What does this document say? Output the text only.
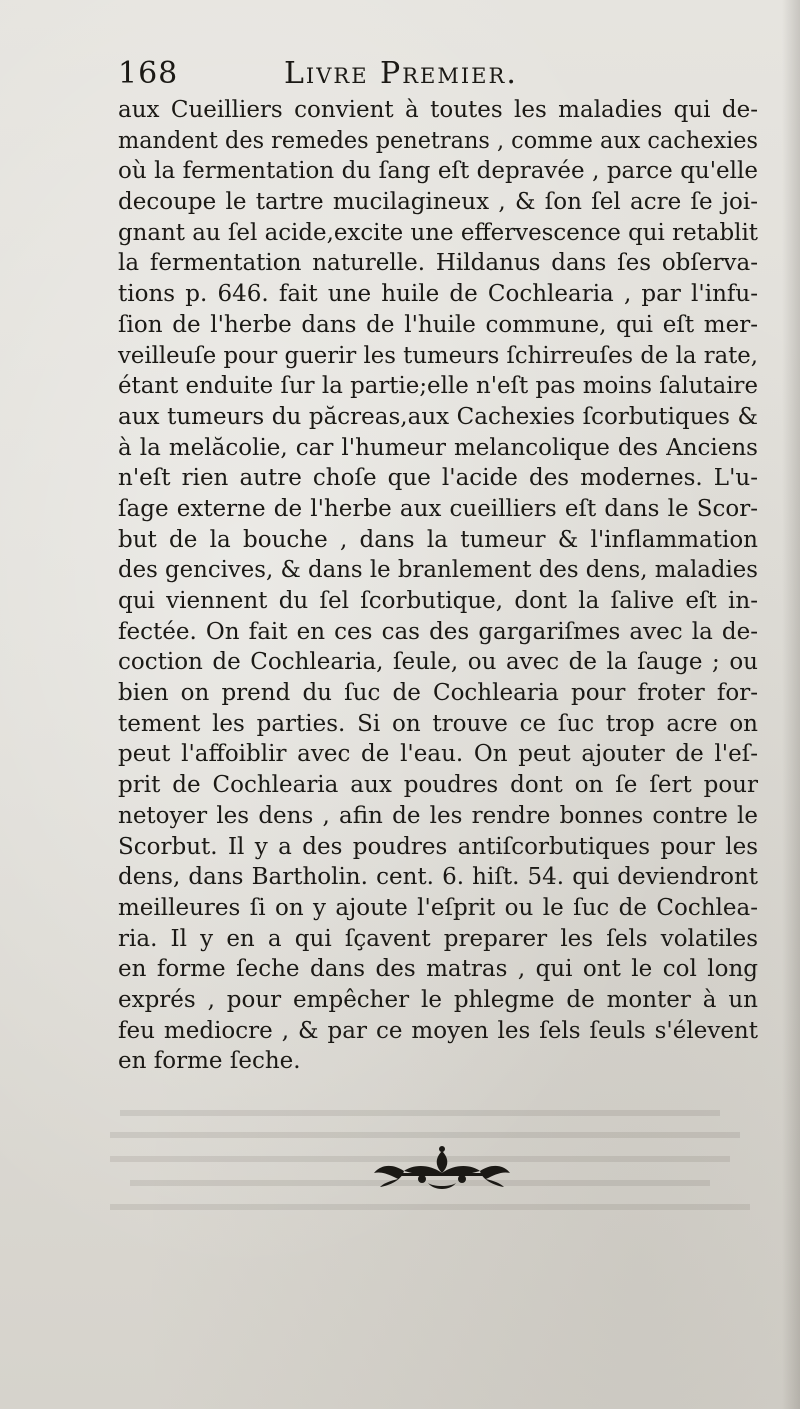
168	Livre Premier.
aux Cueilliers convient à toutes les maladies qui de-
mandent des remedes penetrans , comme aux cachexies
où la fermentation du ſang eſt depravée , parce qu'elle
decoupe le tartre mucilagineux , & ſon ſel acre ſe joi-
gnant au ſel acide,excite une effervescence qui retablit
la fermentation naturelle. Hildanus dans ſes obſerva-
tions p. 646. fait une huile de Cochlearia , par l'infu-
ſion de l'herbe dans de l'huile commune, qui eſt mer-
veilleuſe pour guerir les tumeurs ſchirreuſes de la rate,
étant enduite ſur la partie;elle n'eſt pas moins ſalutaire
aux tumeurs du păcreas,aux Cachexies ſcorbutiques &
à la melăcolie, car l'humeur melancolique des Anciens
n'eſt rien autre choſe que l'acide des modernes. L'u-
ſage externe de l'herbe aux cueilliers eſt dans le Scor-
but de la bouche , dans la tumeur & l'inflammation
des gencives, & dans le branlement des dens, maladies
qui viennent du ſel ſcorbutique, dont la ſalive eſt in-
fectée. On fait en ces cas des gargariſmes avec la de-
coction de Cochlearia, ſeule, ou avec de la ſauge ; ou
bien on prend du ſuc de Cochlearia pour froter for-
tement les parties. Si on trouve ce ſuc trop acre on
peut l'affoiblir avec de l'eau. On peut ajouter de l'eſ-
prit de Cochlearia aux poudres dont on ſe ſert pour
netoyer les dens , afin de les rendre bonnes contre le
Scorbut. Il y a des poudres antiſcorbutiques pour les
dens, dans Bartholin. cent. 6. hiſt. 54. qui deviendront
meilleures ſi on y ajoute l'eſprit ou le ſuc de Cochlea-
ria. Il y en a qui ſçavent preparer les ſels volatiles
en forme ſeche dans des matras , qui ont le col long
exprés , pour empêcher le phlegme de monter à un
feu mediocre , & par ce moyen les ſels ſeuls s'élevent
en forme ſeche.
